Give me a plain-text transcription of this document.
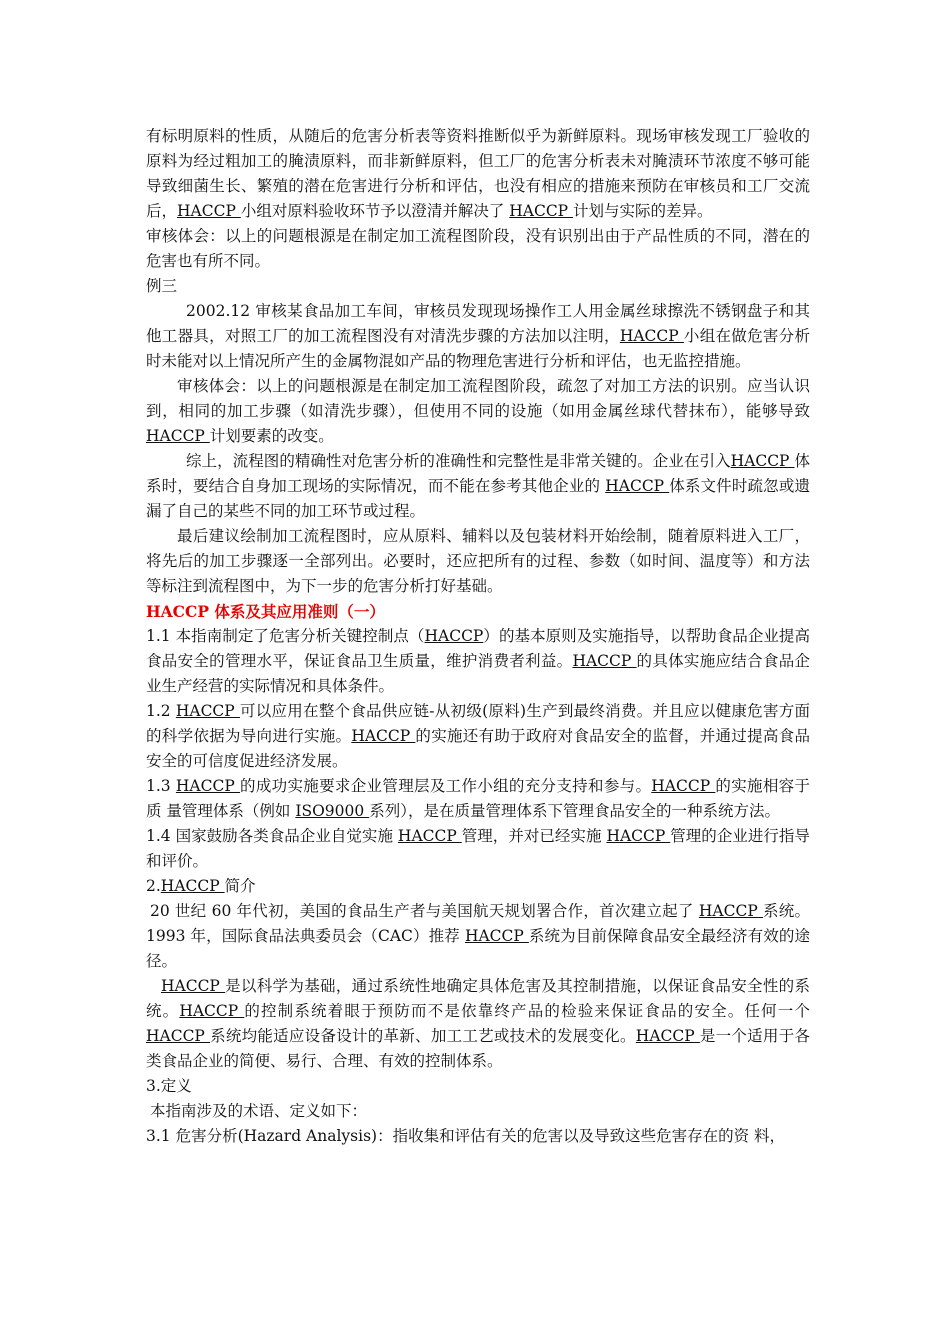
有标明原料的性质，从随后的危害分析表等资料推断似乎为新鲜原料。现场审核发现工厂验收的原料为经过粗加工的腌渍原料，而非新鲜原料，但工厂的危害分析表未对腌渍环节浓度不够可能导致细菌生长、繁殖的潜在危害进行分析和评估，也没有相应的措施来预防在审核员和工厂交流后，HACCP 小组对原料验收环节予以澄清并解决了 HACCP 计划与实际的差异。

审核体会：以上的问题根源是在制定加工流程图阶段，没有识别出由于产品性质的不同，潜在的危害也有所不同。

例三

2002.12 审核某食品加工车间，审核员发现现场操作工人用金属丝球擦洗不锈钢盘子和其他工器具，对照工厂的加工流程图没有对清洗步骤的方法加以注明，HACCP 小组在做危害分析时未能对以上情况所产生的金属物混如产品的物理危害进行分析和评估，也无监控措施。

审核体会：以上的问题根源是在制定加工流程图阶段，疏忽了对加工方法的识别。应当认识到，相同的加工步骤（如清洗步骤），但使用不同的设施（如用金属丝球代替抹布），能够导致HACCP 计划要素的改变。

综上，流程图的精确性对危害分析的准确性和完整性是非常关键的。企业在引入HACCP 体系时，要结合自身加工现场的实际情况，而不能在参考其他企业的 HACCP 体系文件时疏忽或遗漏了自己的某些不同的加工环节或过程。

最后建议绘制加工流程图时，应从原料、辅料以及包装材料开始绘制，随着原料进入工厂，将先后的加工步骤逐一全部列出。必要时，还应把所有的过程、参数（如时间、温度等）和方法等标注到流程图中，为下一步的危害分析打好基础。

HACCP 体系及其应用准则（一）

1.1 本指南制定了危害分析关键控制点（HACCP）的基本原则及实施指导，以帮助食品企业提高食品安全的管理水平，保证食品卫生质量，维护消费者利益。HACCP 的具体实施应结合食品企业生产经营的实际情况和具体条件。

1.2 HACCP 可以应用在整个食品供应链-从初级(原料)生产到最终消费。并且应以健康危害方面的科学依据为导向进行实施。HACCP 的实施还有助于政府对食品安全的监督，并通过提高食品安全的可信度促进经济发展。

1.3 HACCP 的成功实施要求企业管理层及工作小组的充分支持和参与。HACCP 的实施相容于质 量管理体系（例如 ISO9000 系列），是在质量管理体系下管理食品安全的一种系统方法。

1.4 国家鼓励各类食品企业自觉实施 HACCP 管理，并对已经实施 HACCP 管理的企业进行指导和评价。

2.HACCP 简介

20 世纪 60 年代初，美国的食品生产者与美国航天规划署合作，首次建立起了 HACCP 系统。1993 年，国际食品法典委员会（CAC）推荐 HACCP 系统为目前保障食品安全最经济有效的途径。

HACCP 是以科学为基础，通过系统性地确定具体危害及其控制措施，以保证食品安全性的系统。HACCP 的控制系统着眼于预防而不是依靠终产品的检验来保证食品的安全。任何一个 HACCP 系统均能适应设备设计的革新、加工工艺或技术的发展变化。HACCP 是一个适用于各类食品企业的简便、易行、合理、有效的控制体系。

3.定义

本指南涉及的术语、定义如下：

3.1 危害分析(Hazard Analysis)：指收集和评估有关的危害以及导致这些危害存在的资 料，
